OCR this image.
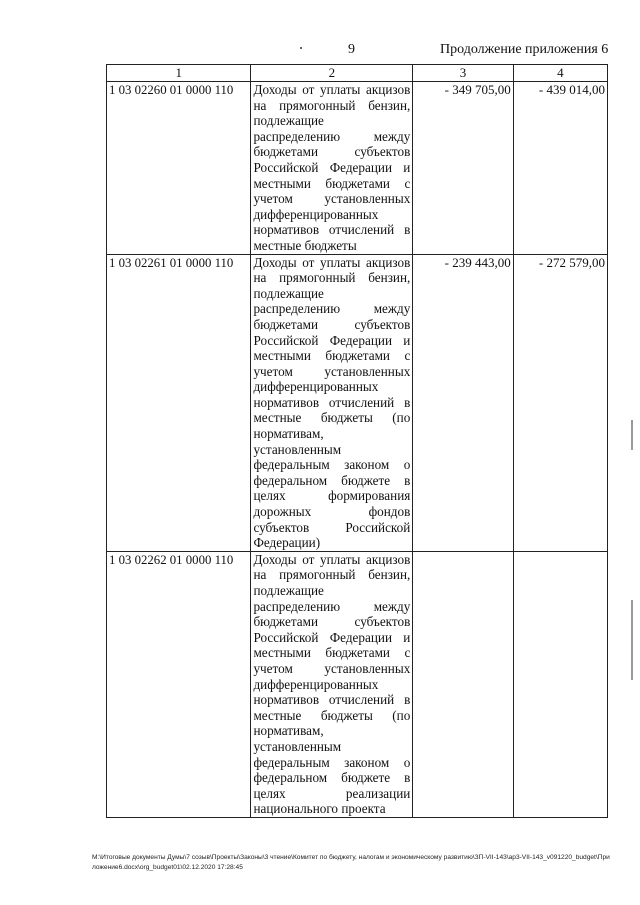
9	Продолжение приложения 6
1	2	3	4
1 03 02260 01 0000 110	Доходы от уплаты акцизов на прямогонный бензин, подлежащие распределению между бюджетами субъектов Российской Федерации и местными бюджетами с учетом установленных дифференцированных нормативов отчислений в местные бюджеты	- 349 705,00	- 439 014,00
1 03 02261 01 0000 110	Доходы от уплаты акцизов на прямогонный бензин, подлежащие распределению между бюджетами субъектов Российской Федерации и местными бюджетами с учетом установленных дифференцированных нормативов отчислений в местные бюджеты (по нормативам, установленным федеральным законом о федеральном бюджете в целях формирования дорожных фондов субъектов Российской Федерации)	- 239 443,00	- 272 579,00
1 03 02262 01 0000 110	Доходы от уплаты акцизов на прямогонный бензин, подлежащие распределению между бюджетами субъектов Российской Федерации и местными бюджетами с учетом установленных дифференцированных нормативов отчислений в местные бюджеты (по нормативам, установленным федеральным законом о федеральном бюджете в целях реализации национального проекта		
M:\Итоговые документы Думы\7 созыв\Проекты\Законы\3 чтение\Комитет по бюджету, налогам и экономическому развитию\ЗП-VII-143\ap3-VII-143_v091220_budget\Приложение6.docx\org_budget01\02.12.2020 17:28:45
